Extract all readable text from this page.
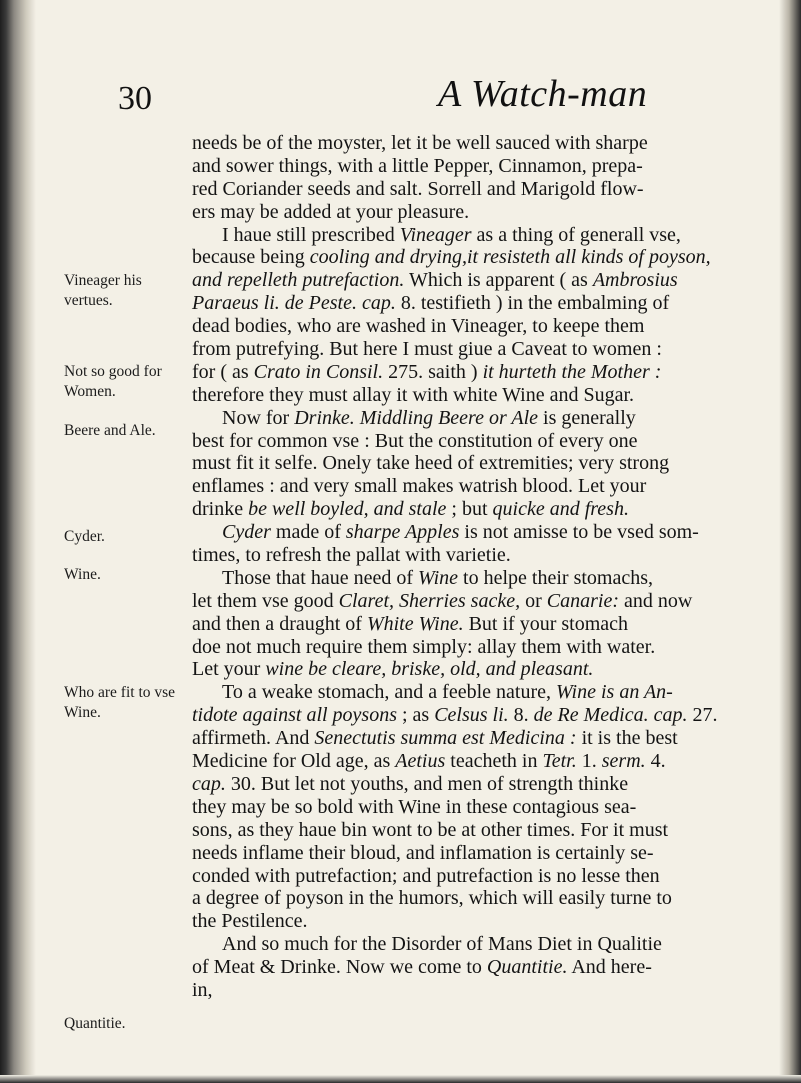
30	A Watch-man
Vineager his vertues.
Not so good for Women.
Beere and Ale.
Cyder.
Wine.
Who are fit to vse Wine.
Quantitie.
needs be of the moyster, let it be well sauced with sharpe
and sower things, with a little Pepper, Cinnamon, prepa-
red Coriander seeds and salt. Sorrell and Marigold flow-
ers may be added at your pleasure.
I haue still prescribed Vineager as a thing of generall vse,
because being cooling and drying,it resisteth all kinds of poyson,
and repelleth putrefaction. Which is apparent ( as Ambrosius
Paraeus li. de Peste. cap. 8. testifieth ) in the embalming of
dead bodies, who are washed in Vineager, to keepe them
from putrefying. But here I must giue a Caveat to women :
for ( as Crato in Consil. 275. saith ) it hurteth the Mother :
therefore they must allay it with white Wine and Sugar.
Now for Drinke. Middling Beere or Ale is generally
best for common vse : But the constitution of every one
must fit it selfe. Onely take heed of extremities; very strong
enflames : and very small makes watrish blood. Let your
drinke be well boyled, and stale ; but quicke and fresh.
Cyder made of sharpe Apples is not amisse to be vsed som-
times, to refresh the pallat with varietie.
Those that haue need of Wine to helpe their stomachs,
let them vse good Claret, Sherries sacke, or Canarie: and now
and then a draught of White Wine. But if your stomach
doe not much require them simply: allay them with water.
Let your wine be cleare, briske, old, and pleasant.
To a weake stomach, and a feeble nature, Wine is an An-
tidote against all poysons ; as Celsus li. 8. de Re Medica. cap. 27.
affirmeth. And Senectutis summa est Medicina : it is the best
Medicine for Old age, as Aetius teacheth in Tetr. 1. serm. 4.
cap. 30. But let not youths, and men of strength thinke
they may be so bold with Wine in these contagious sea-
sons, as they haue bin wont to be at other times. For it must
needs inflame their bloud, and inflamation is certainly se-
conded with putrefaction; and putrefaction is no lesse then
a degree of poyson in the humors, which will easily turne to
the Pestilence.
And so much for the Disorder of Mans Diet in Qualitie
of Meat & Drinke. Now we come to Quantitie. And here-
in,
